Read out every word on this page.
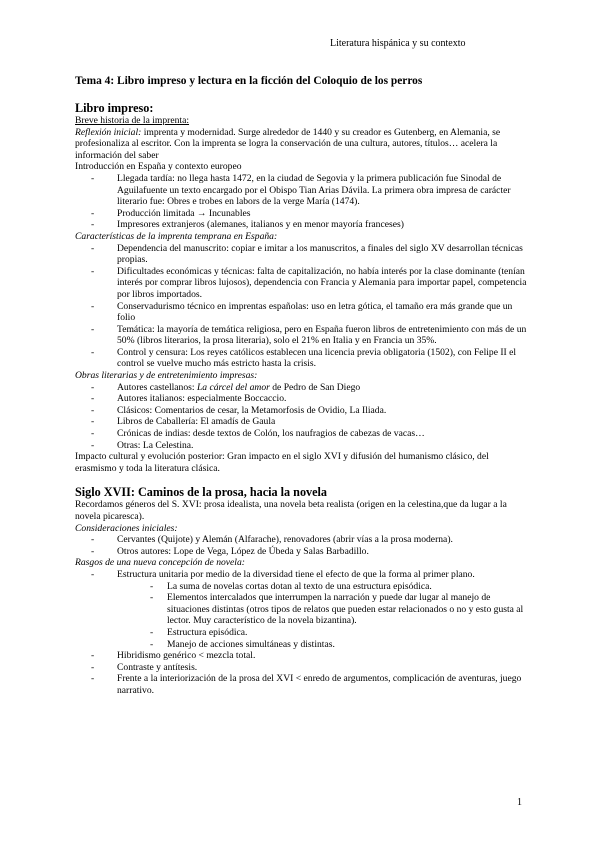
Literatura hispánica y su contexto

Tema 4: Libro impreso y lectura en la ficción del Coloquio de los perros

Libro impreso:

Breve historia de la imprenta:

Reflexión inicial: imprenta y modernidad. Surge alrededor de 1440 y su creador es Gutenberg, en Alemania, se profesionaliza al escritor. Con la imprenta se logra la conservación de una cultura, autores, títulos… acelera la información del saber

Introducción en España y contexto europeo

- Llegada tardía: no llega hasta 1472, en la ciudad de Segovia y la primera publicación fue Sinodal de Aguilafuente un texto encargado por el Obispo Tian Arias Dávila. La primera obra impresa de carácter literario fue: Obres e trobes en labors de la verge María (1474).
- Producción limitada → Incunables
- Impresores extranjeros (alemanes, italianos y en menor mayoría franceses)

Características de la imprenta temprana en España:

- Dependencia del manuscrito: copiar e imitar a los manuscritos, a finales del siglo XV desarrollan técnicas propias.
- Dificultades económicas y técnicas: falta de capitalización, no había interés por la clase dominante (tenían interés por comprar libros lujosos), dependencia con Francia y Alemania para importar papel, competencia por libros importados.
- Conservadurismo técnico en imprentas españolas: uso en letra gótica, el tamaño era más grande que un folio
- Temática: la mayoría de temática religiosa, pero en España fueron libros de entretenimiento con más de un 50% (libros literarios, la prosa literaria), solo el 21% en Italia y en Francia un 35%.
- Control y censura: Los reyes católicos establecen una licencia previa obligatoria (1502), con Felipe II el control se vuelve mucho más estricto hasta la crisis.

Obras literarias y de entretenimiento impresas:

- Autores castellanos: La cárcel del amor de Pedro de San Diego
- Autores italianos: especialmente Boccaccio.
- Clásicos: Comentarios de cesar, la Metamorfosis de Ovidio, La Iliada.
- Libros de Caballería: El amadís de Gaula
- Crónicas de indias: desde textos de Colón, los naufragios de cabezas de vacas…
- Otras: La Celestina.

Impacto cultural y evolución posterior: Gran impacto en el siglo XVI y difusión del humanismo clásico, del erasmismo y toda la literatura clásica.

Siglo XVII: Caminos de la prosa, hacia la novela

Recordamos géneros del S. XVI: prosa idealista, una novela beta realista (origen en la celestina,que da lugar a la novela picaresca).

Consideraciones iniciales:

- Cervantes (Quijote) y Alemán (Alfarache), renovadores (abrir vías a la prosa moderna).
- Otros autores: Lope de Vega, López de Úbeda y Salas Barbadillo.

Rasgos de una nueva concepción de novela:

- Estructura unitaria por medio de la diversidad tiene el efecto de que la forma al primer plano.
- La suma de novelas cortas dotan al texto de una estructura episódica.
- Elementos intercalados que interrumpen la narración y puede dar lugar al manejo de situaciones distintas (otros tipos de relatos que pueden estar relacionados o no y esto gusta al lector. Muy característico de la novela bizantina).
- Estructura episódica.
- Manejo de acciones simultáneas y distintas.
- Hibridismo genérico < mezcla total.
- Contraste y antítesis.
- Frente a la interiorización de la prosa del XVI < enredo de argumentos, complicación de aventuras, juego narrativo.
1
